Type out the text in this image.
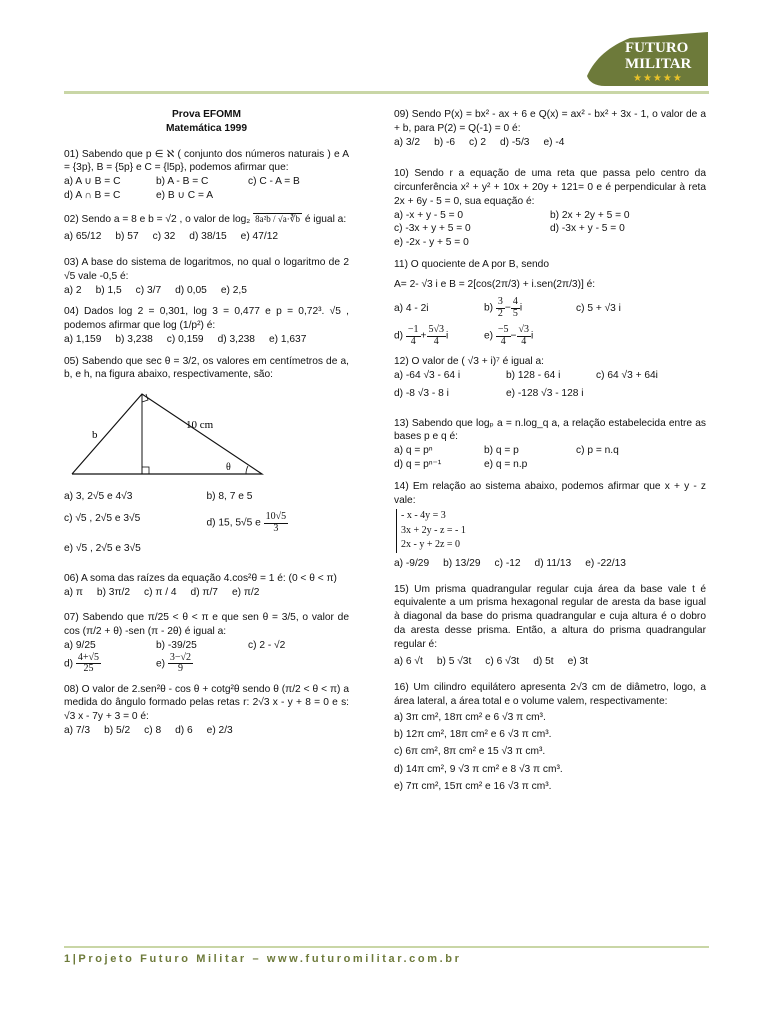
FUTURO
MILITAR
★★★★★
Prova EFOMM
Matemática 1999

01) Sabendo que p ∈ ℵ ( conjunto dos números naturais ) e A = {3p}, B = {5p} e C = {l5p}, podemos afirmar que:

a) A ∪ B = C	b) A - B = C	c) C - A = B
d) A ∩ B = C	e) B ∪ C = A

02) Sendo a = 8 e b = √2 , o valor de log₂ 8a²b / √a·∛b é igual a:

a) 65/12 b) 57 c) 32 d) 38/15 e) 47/12

03) A base do sistema de logaritmos, no qual o logaritmo de 2 √5 vale -0,5 é:

a) 2 b) 1,5 c) 3/7 d) 0,05 e) 2,5

04) Dados log 2 = 0,301, log 3 = 0,477 e p = 0,72³. √5 , podemos afirmar que log (1/p²) é:

a) 1,159 b) 3,238 c) 0,159 d) 3,238 e) 1,637

05) Sabendo que sec θ = 3/2, os valores em centímetros de a, b, e h, na figura abaixo, respectivamente, são:

10 cm
b
θ
a) 3, 2√5 e 4√3	b) 8, 7 e 5
c) √5 , 2√5 e 3√5	d) 15, 5√5 e $\frac{10√5}{3}$
e) √5 , 2√5 e 3√5

06) A soma das raízes da equação 4.cos²θ = 1 é: (0 < θ < π)

a) π b) 3π/2 c) π / 4 d) π/7 e) π/2

07) Sabendo que π/25 < θ < π e que sen θ = 3/5, o valor de cos (π/2 + θ) -sen (π - 2θ) é igual a:

a) 9/25	b) -39/25	c) 2 - √2
$d) \frac{4+√5}{25}$	$e) \frac{3-√2}{9}$

08) O valor de 2.sen²θ - cos θ + cotg²θ sendo θ (π/2 < θ < π) a medida do ângulo formado pelas retas r: 2√3 x - y + 8 = 0 e s: √3 x - 7y + 3 = 0 é:

a) 7/3 b) 5/2 c) 8 d) 6 e) 2/3

09) Sendo P(x) = bx² - ax + 6 e Q(x) = ax² - bx² + 3x - 1, o valor de a + b, para P(2) = Q(-1) = 0 é:

a) 3/2 b) -6 c) 2 d) -5/3 e) -4

10) Sendo r a equação de uma reta que passa pelo centro da circunferência x² + y² + 10x + 20y + 121= 0 e é perpendicular à reta 2x + 6y - 5 = 0, sua equação é:

a) -x + y - 5 = 0	b) 2x + 2y + 5 = 0
c) -3x + y + 5 = 0	d) -3x + y - 5 = 0
e) -2x - y + 5 = 0

11) O quociente de A por B, sendo

A= 2- √3 i e B = 2[cos(2π/3) + i.sen(2π/3)] é:

a) 4 - 2i	$b) \frac{3}{2} - \frac{4}{5}$ i	c) 5 + √3 i
$d) \frac{-1}{4} + \frac{5√3}{4}$ i	$e) \frac{-5}{4} - \frac{√3}{4}$ i

12) O valor de ( √3 + i)⁷ é igual a:

a) -64 √3 - 64 i	b) 128 - 64 i	c) 64 √3 + 64i
d) -8 √3 - 8 i	e) -128 √3 - 128 i

13) Sabendo que logₚ a = n.log_q a, a relação estabelecida entre as bases p e q é:

a) q = pⁿ	b) q = p	c) p = n.q
d) q = pⁿ⁻¹	e) q = n.p

14) Em relação ao sistema abaixo, podemos afirmar que x + y - z vale:

- x - 4y = 3
3x + 2y - z = - 1
2x - y + 2z = 0
a) -9/29 b) 13/29 c) -12 d) 11/13 e) -22/13

15) Um prisma quadrangular regular cuja área da base vale t é equivalente a um prisma hexagonal regular de aresta da base igual à diagonal da base do prisma quadrangular e cuja altura é o dobro da aresta desse prisma. Então, a altura do prisma quadrangular regular é:

a) 6 √t b) 5 √3t c) 6 √3t d) 5t e) 3t

16) Um cilindro equilátero apresenta 2√3 cm de diâmetro, logo, a área lateral, a área total e o volume valem, respectivamente:

a) 3π cm², 18π cm² e 6 √3 π cm³.
b) 12π cm², 18π cm² e 6 √3 π cm³.
c) 6π cm², 8π cm² e 15 √3 π cm³.
d) 14π cm², 9 √3 π cm² e 8 √3 π cm³.
e) 7π cm², 15π cm² e 16 √3 π cm³.
1|Projeto Futuro Militar – www.futuromilitar.com.br
